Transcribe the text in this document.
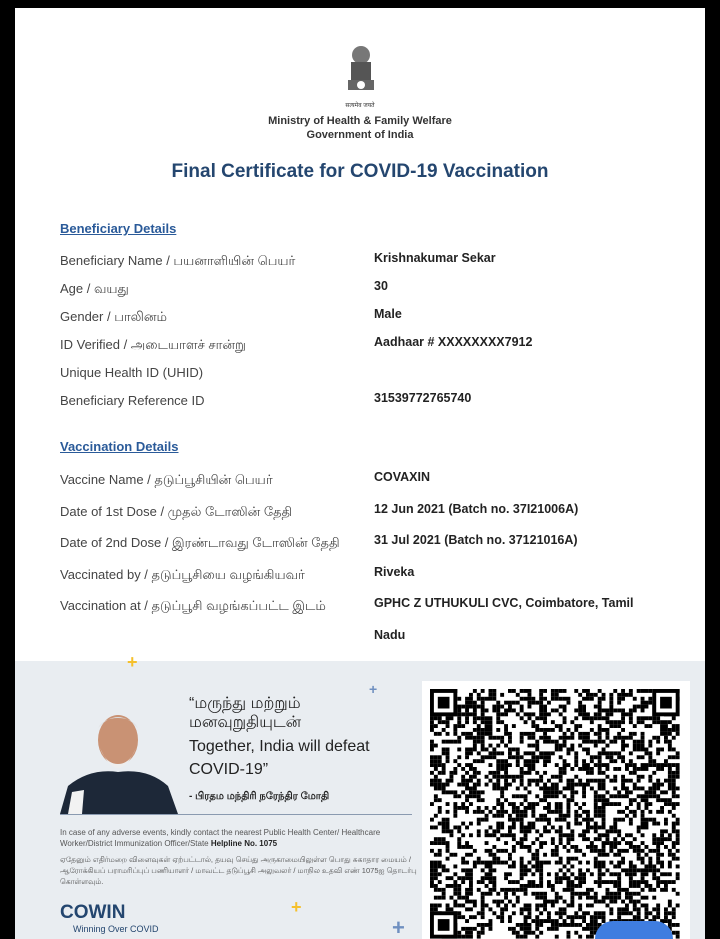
सत्यमेव जयते
Ministry of Health & Family Welfare
Government of India
Final Certificate for COVID-19 Vaccination
Beneficiary Details
Beneficiary Name / பயனாளியின் பெயர்	Krishnakumar Sekar
Age / வயது	30
Gender / பாலினம்	Male
ID Verified / அடையாளச் சான்று	Aadhaar # XXXXXXXX7912
Unique Health ID (UHID)
Beneficiary Reference ID	31539772765740
Vaccination Details
Vaccine Name / தடுப்பூசியின் பெயர்	COVAXIN
Date of 1st Dose / முதல் டோஸின் தேதி	12 Jun 2021 (Batch no. 37I21006A)
Date of 2nd Dose / இரண்டாவது டோஸின் தேதி	31 Jul 2021 (Batch no. 37121016A)
Vaccinated by / தடுப்பூசியை வழங்கியவர்	Riveka
Vaccination at / தடுப்பூசி வழங்கப்பட்ட இடம்	GPHC Z UTHUKULI CVC, Coimbatore, Tamil
Nadu
+
+
+
+
“மருந்து மற்றும்
மனவுறுதியுடன்
Together, India will defeat
COVID-19”
- பிரதம மந்திரி நரேந்திர மோதி
In case of any adverse events, kindly contact the nearest Public Health Center/ Healthcare Worker/District Immunization Officer/State Helpline No. 1075
ஏதேனும் எதிர்மறை விளைவுகள் ஏற்பட்டால், தயவு செய்து அருகாமையிலுள்ள பொது சுகாதார மையம் / ஆரோக்கியப் பராமரிப்புப் பணியாளர் / மாவட்ட தடுப்பூசி அலுவலர் / மாநில உதவி எண் 1075ஐ தொடர்பு கொள்ளவும்.
COWIN
Winning Over COVID
